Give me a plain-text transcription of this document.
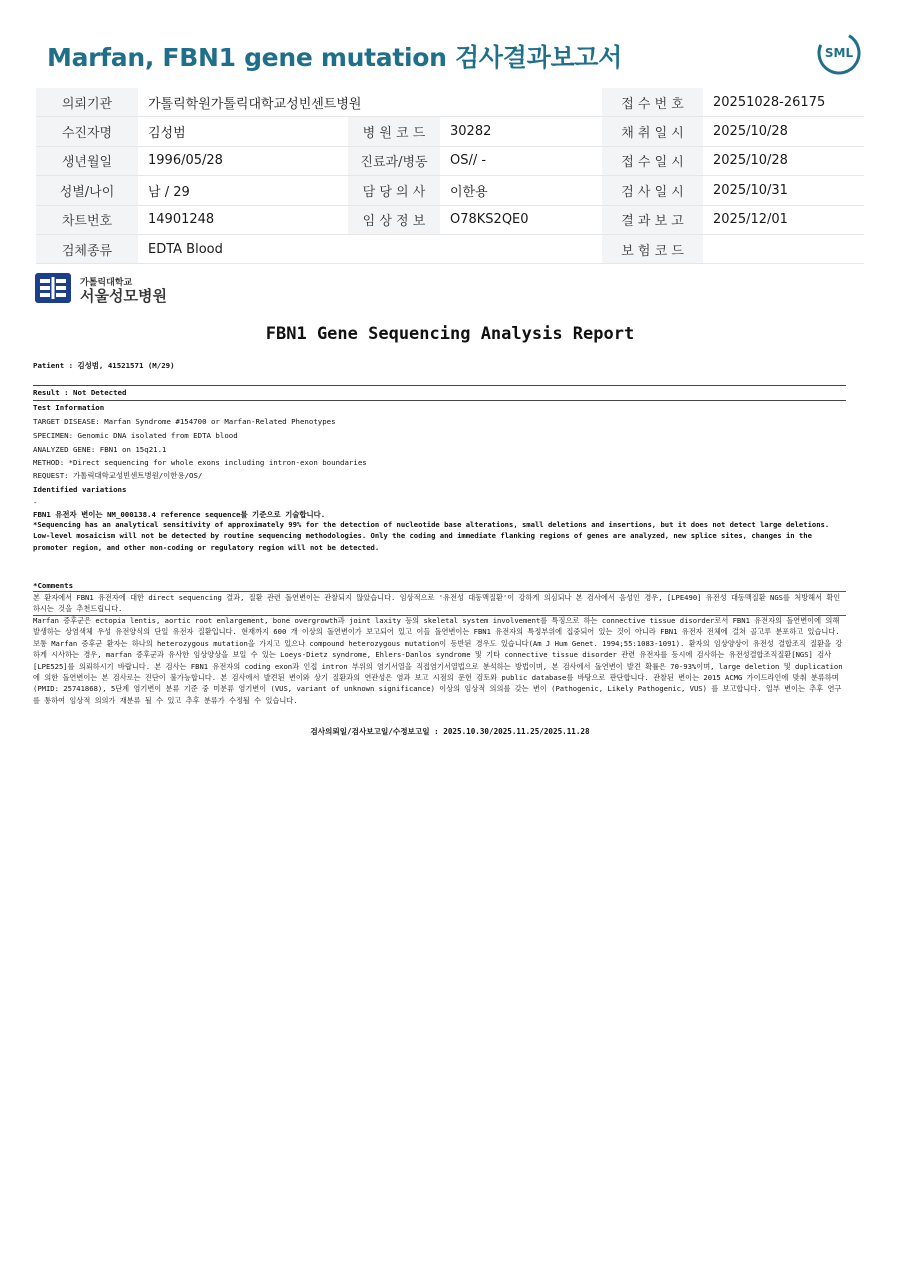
Marfan, FBN1 gene mutation 검사결과보고서	SML
의뢰기관	가톨릭학원가톨릭대학교성빈센트병원			접 수 번 호	20251028-26175
수진자명	김성범	병 원 코 드	30282	채 취 일 시	2025/10/28
생년월일	1996/05/28	진료과/병동	OS// -	접 수 일 시	2025/10/28
성별/나이	남 / 29	담 당 의 사	이한용	검 사 일 시	2025/10/31
차트번호	14901248	임 상 정 보	O78KS2QE0	결 과 보 고	2025/12/01
검체종류	EDTA Blood			보 험 코 드	
가톨릭대학교
서울성모병원
FBN1 Gene Sequencing Analysis Report
Patient : 김성범, 41521571 (M/29)
Result : Not Detected
Test Information
TARGET DISEASE: Marfan Syndrome #154700 or Marfan-Related Phenotypes
SPECIMEN: Genomic DNA isolated from EDTA blood
ANALYZED GENE: FBN1 on 15q21.1
METHOD: *Direct sequencing for whole exons including intron-exon boundaries
REQUEST: 가톨릭대학교성빈센트병원/이한용/OS/
Identified variations
-
FBN1 유전자 변이는 NM_000138.4 reference sequence를 기준으로 기술합니다.
*Sequencing has an analytical sensitivity of approximately 99% for the detection of nucleotide base alterations, small deletions and insertions, but it does not detect large deletions. Low-level mosaicism will not be detected by routine sequencing methodologies. Only the coding and immediate flanking regions of genes are analyzed, new splice sites, changes in the promoter region, and other non-coding or regulatory region will not be detected.
*Comments
본 환자에서 FBN1 유전자에 대한 direct sequencing 결과, 질환 관련 돌연변이는 관찰되지 않았습니다. 임상적으로 '유전성 대동맥질환'이 강하게 의심되나 본 검사에서 음성인 경우, [LPE490] 유전성 대동맥질환 NGS를 처방해서 확인하시는 것을 추천드립니다.
Marfan 증후군은 ectopia lentis, aortic root enlargement, bone overgrowth과 joint laxity 등의 skeletal system involvement를 특징으로 하는 connective tissue disorder로서 FBN1 유전자의 돌연변이에 의해 발생하는 상염색체 우성 유전양식의 단일 유전자 질환입니다. 현재까지 600 개 이상의 돌연변이가 보고되어 있고 이들 돌연변이는 FBN1 유전자의 특정부위에 집중되어 있는 것이 아니라 FBN1 유전자 전체에 걸쳐 골고루 분포하고 있습니다. 보통 Marfan 증후군 환자는 하나의 heterozygous mutation을 가지고 있으나 compound heterozygous mutation이 동반된 경우도 있습니다(Am J Hum Genet. 1994;55:1083-1091). 환자의 임상양상이 유전성 결합조직 질환을 강하게 시사하는 경우, marfan 증후군과 유사한 임상양상을 보일 수 있는 Loeys-Dietz syndrome, Ehlers-Danlos syndrome 및 기타 connective tissue disorder 관련 유전자를 동시에 검사하는 유전성결합조직질환[NGS] 검사 [LPE525]를 의뢰하시기 바랍니다. 본 검사는 FBN1 유전자의 coding exon과 인접 intron 부위의 염기서열을 직접염기서열법으로 분석하는 방법이며, 본 검사에서 돌연변이 발견 확률은 70-93%이며, large deletion 및 duplication 에 의한 돌연변이는 본 검사로는 진단이 불가능합니다. 본 검사에서 발견된 변이와 상기 질환과의 연관성은 염과 보고 시점의 문헌 검토와 public database를 바탕으로 판단합니다. 관찰된 변이는 2015 ACMG 가이드라인에 맞춰 분류하며 (PMID: 25741868), 5단계 염기변이 분류 기준 중 미분류 염기변이 (VUS, variant of unknown significance) 이상의 임상적 의의를 갖는 변이 (Pathogenic, Likely Pathogenic, VUS) 를 보고합니다. 일부 변이는 추후 연구를 통하여 임상적 의의가 재분류 될 수 있고 추후 분류가 수정될 수 있습니다.
검사의뢰일/검사보고일/수정보고일 : 2025.10.30/2025.11.25/2025.11.28
